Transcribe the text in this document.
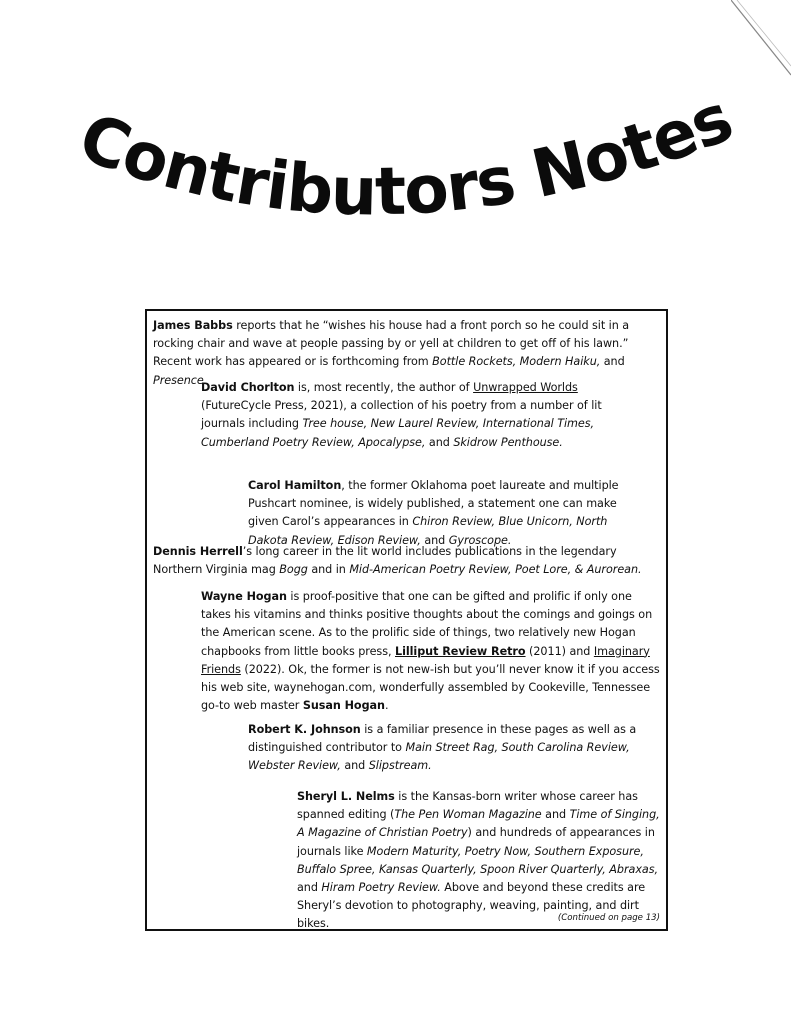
Contributors Notes

James Babbs reports that he “wishes his house had a front porch so he could sit in a rocking chair and wave at people passing by or yell at children to get off of his lawn.” Recent work has appeared or is forthcoming from Bottle Rockets, Modern Haiku, and Presence.

David Chorlton is, most recently, the author of Unwrapped Worlds (FutureCycle Press, 2021), a collection of his poetry from a number of lit journals including Tree house, New Laurel Review, International Times, Cumberland Poetry Review, Apocalypse, and Skidrow Penthouse.

Carol Hamilton, the former Oklahoma poet laureate and multiple Pushcart nominee, is widely published, a statement one can make given Carol’s appearances in Chiron Review, Blue Unicorn, North Dakota Review, Edison Review, and Gyroscope.

Dennis Herrell’s long career in the lit world includes publications in the legendary Northern Virginia mag Bogg and in Mid-American Poetry Review, Poet Lore, & Aurorean.

Wayne Hogan is proof-positive that one can be gifted and prolific if only one takes his vitamins and thinks positive thoughts about the comings and goings on the American scene. As to the prolific side of things, two relatively new Hogan chapbooks from little books press, Lilliput Review Retro (2011) and Imaginary Friends (2022). Ok, the former is not new-ish but you’ll never know it if you access his web site, waynehogan.com, wonderfully assembled by Cookeville, Tennessee go-to web master Susan Hogan.

Robert K. Johnson is a familiar presence in these pages as well as a distinguished contributor to Main Street Rag, South Carolina Review, Webster Review, and Slipstream.

Sheryl L. Nelms is the Kansas-born writer whose career has spanned editing (The Pen Woman Magazine and Time of Singing, A Magazine of Christian Poetry) and hundreds of appearances in journals like Modern Maturity, Poetry Now, Southern Exposure, Buffalo Spree, Kansas Quarterly, Spoon River Quarterly, Abraxas, and Hiram Poetry Review. Above and beyond these credits are Sheryl’s devotion to photography, weaving, painting, and dirt bikes.	(Continued on page 13)
